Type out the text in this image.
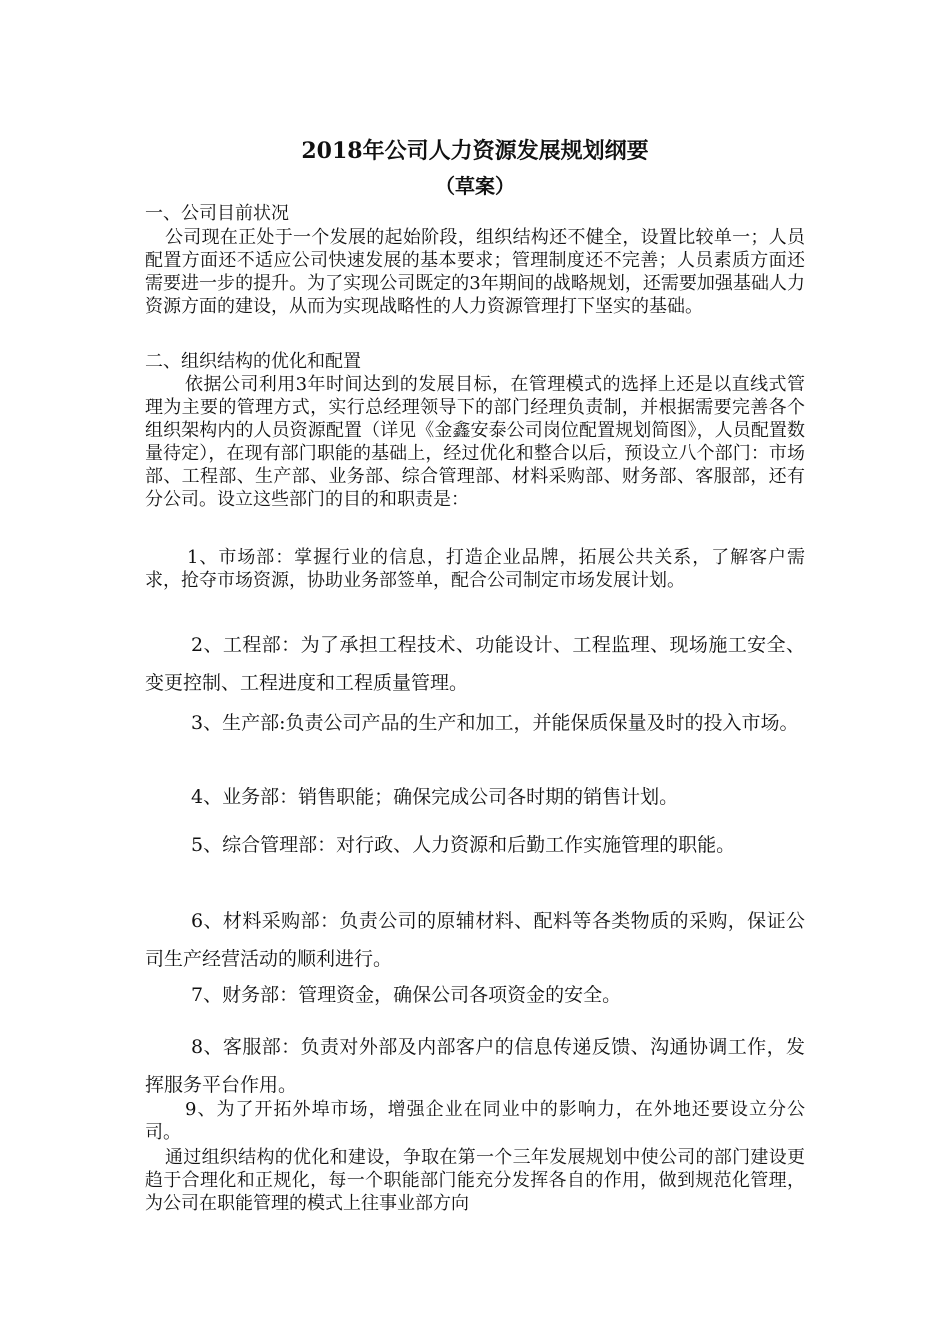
2018年公司人力资源发展规划纲要
（草案）

一、公司目前状况

公司现在正处于一个发展的起始阶段，组织结构还不健全，设置比较单一；人员配置方面还不适应公司快速发展的基本要求；管理制度还不完善；人员素质方面还需要进一步的提升。为了实现公司既定的3年期间的战略规划，还需要加强基础人力资源方面的建设，从而为实现战略性的人力资源管理打下坚实的基础。

二、组织结构的优化和配置

依据公司利用3年时间达到的发展目标，在管理模式的选择上还是以直线式管理为主要的管理方式，实行总经理领导下的部门经理负责制，并根据需要完善各个组织架构内的人员资源配置（详见《金鑫安泰公司岗位配置规划简图》，人员配置数量待定），在现有部门职能的基础上，经过优化和整合以后，预设立八个部门：市场部、工程部、生产部、业务部、综合管理部、材料采购部、财务部、客服部，还有分公司。设立这些部门的目的和职责是：

1、市场部：掌握行业的信息，打造企业品牌，拓展公共关系，了解客户需求，抢夺市场资源，协助业务部签单，配合公司制定市场发展计划。

2、工程部：为了承担工程技术、功能设计、工程监理、现场施工安全、变更控制、工程进度和工程质量管理。

3、生产部:负责公司产品的生产和加工，并能保质保量及时的投入市场。

4、业务部：销售职能；确保完成公司各时期的销售计划。

5、综合管理部：对行政、人力资源和后勤工作实施管理的职能。

6、材料采购部：负责公司的原辅材料、配料等各类物质的采购，保证公司生产经营活动的顺利进行。

7、财务部：管理资金，确保公司各项资金的安全。

8、客服部：负责对外部及内部客户的信息传递反馈、沟通协调工作，发挥服务平台作用。

9、为了开拓外埠市场，增强企业在同业中的影响力，在外地还要设立分公司。

通过组织结构的优化和建设，争取在第一个三年发展规划中使公司的部门建设更趋于合理化和正规化，每一个职能部门能充分发挥各自的作用，做到规范化管理，为公司在职能管理的模式上往事业部方向
